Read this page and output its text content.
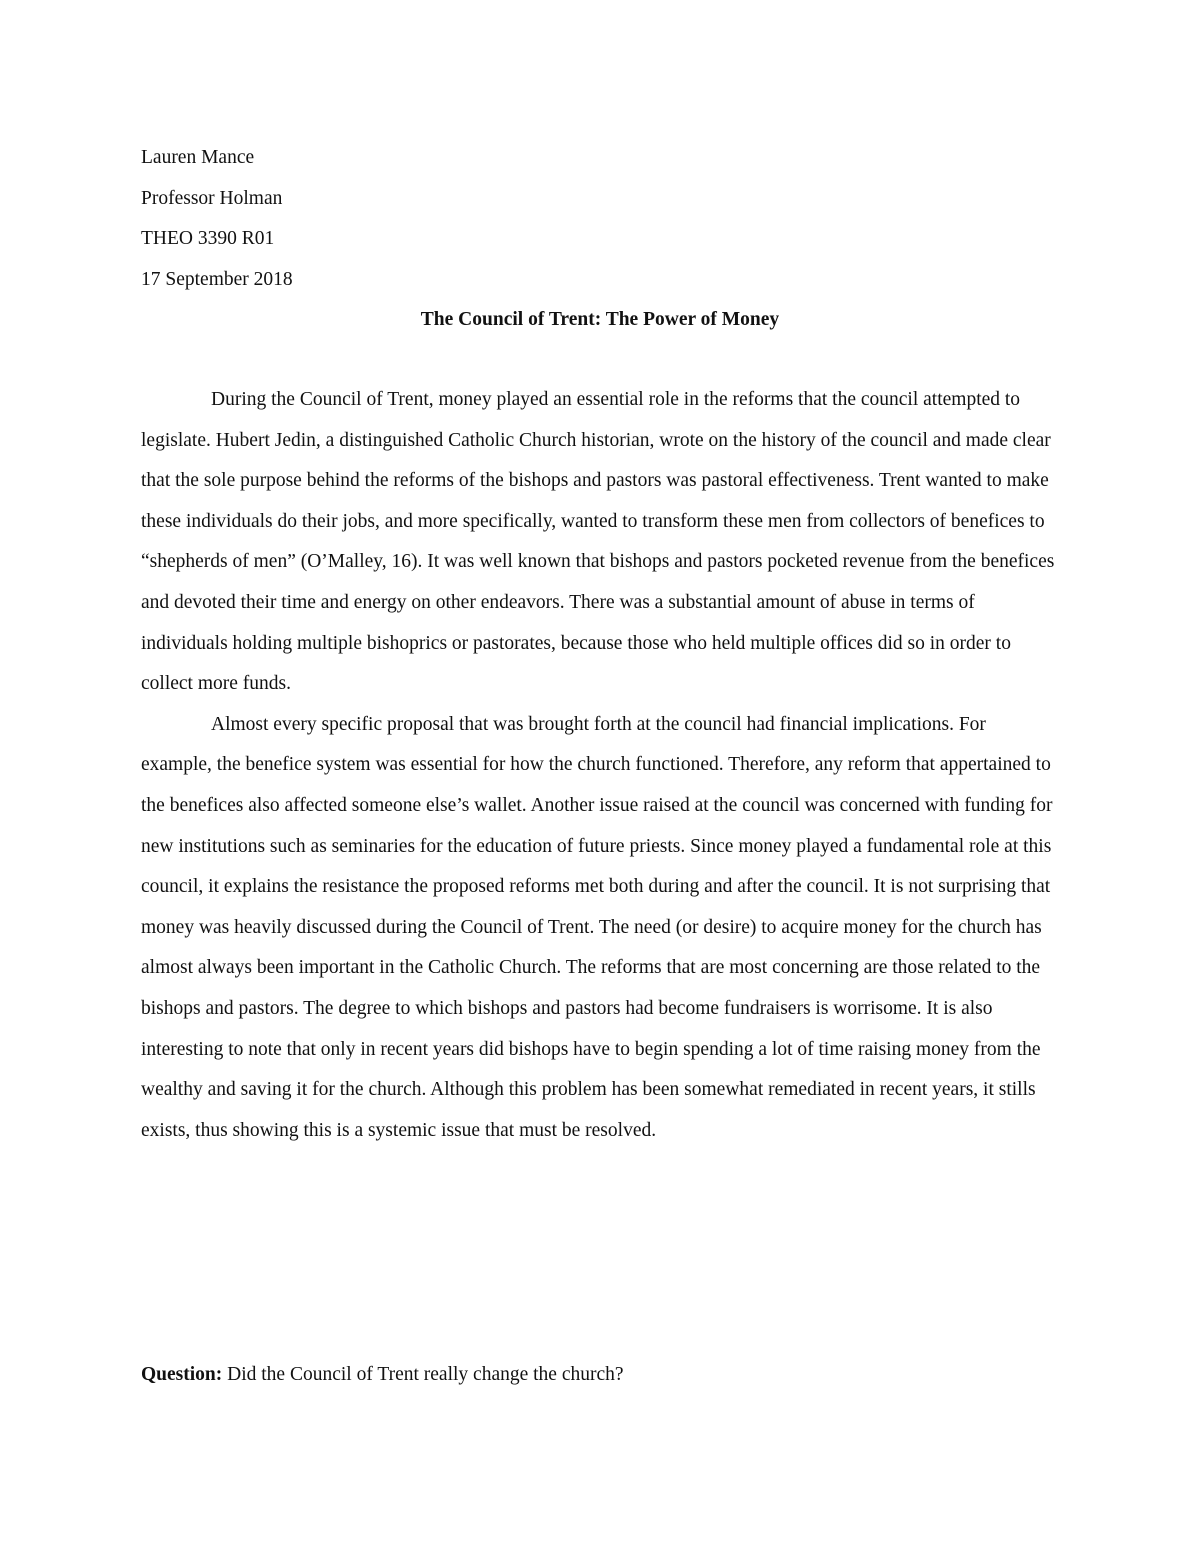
Lauren Mance

Professor Holman

THEO 3390 R01

17 September 2018

The Council of Trent: The Power of Money

During the Council of Trent, money played an essential role in the reforms that the council attempted to legislate. Hubert Jedin, a distinguished Catholic Church historian, wrote on the history of the council and made clear that the sole purpose behind the reforms of the bishops and pastors was pastoral effectiveness. Trent wanted to make these individuals do their jobs, and more specifically, wanted to transform these men from collectors of benefices to “shepherds of men” (O’Malley, 16). It was well known that bishops and pastors pocketed revenue from the benefices and devoted their time and energy on other endeavors. There was a substantial amount of abuse in terms of individuals holding multiple bishoprics or pastorates, because those who held multiple offices did so in order to collect more funds.

Almost every specific proposal that was brought forth at the council had financial implications. For example, the benefice system was essential for how the church functioned. Therefore, any reform that appertained to the benefices also affected someone else’s wallet. Another issue raised at the council was concerned with funding for new institutions such as seminaries for the education of future priests. Since money played a fundamental role at this council, it explains the resistance the proposed reforms met both during and after the council. It is not surprising that money was heavily discussed during the Council of Trent. The need (or desire) to acquire money for the church has almost always been important in the Catholic Church. The reforms that are most concerning are those related to the bishops and pastors. The degree to which bishops and pastors had become fundraisers is worrisome. It is also interesting to note that only in recent years did bishops have to begin spending a lot of time raising money from the wealthy and saving it for the church. Although this problem has been somewhat remediated in recent years, it stills exists, thus showing this is a systemic issue that must be resolved.

Question: Did the Council of Trent really change the church?
